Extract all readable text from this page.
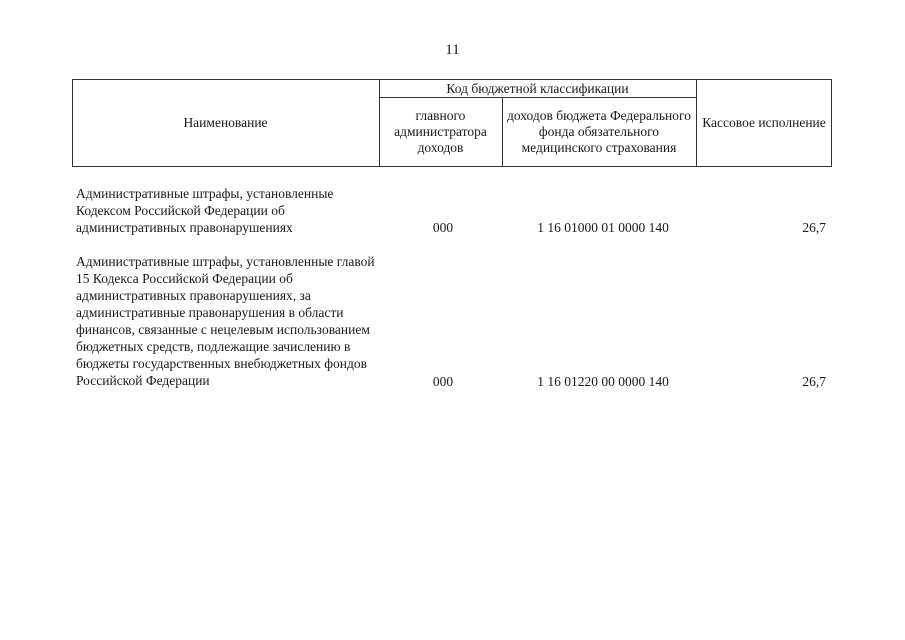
11
Наименование
Код бюджетной классификации
главного администратора доходов
доходов бюджета Федерального фонда обязательного медицинского страхования
Кассовое исполнение
Административные штрафы, установленные Кодексом Российской Федерации об административных правонарушениях	000	1 16 01000 01 0000 140	26,7
Административные штрафы, установленные главой 15 Кодекса Российской Федерации об административных правонарушениях, за административные правонарушения в области финансов, связанные с нецелевым использованием бюджетных средств, подлежащие зачислению в бюджеты государственных внебюджетных фондов Российской Федерации	000	1 16 01220 00 0000 140	26,7
